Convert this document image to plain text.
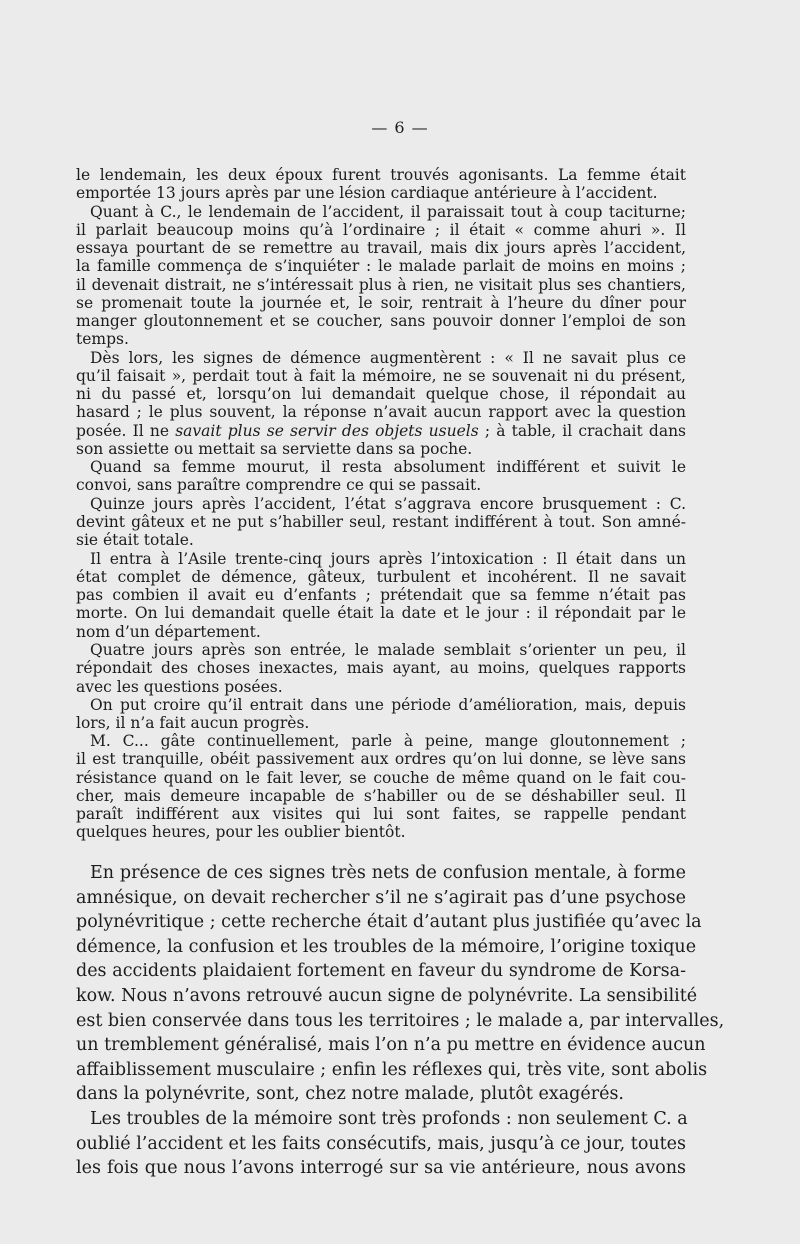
— 6 —
le lendemain, les deux époux furent trouvés agonisants. La femme était
emportée 13 jours après par une lésion cardiaque antérieure à l’accident.
Quant à C., le lendemain de l’accident, il paraissait tout à coup taciturne;
il parlait beaucoup moins qu’à l’ordinaire ; il était « comme ahuri ». Il
essaya pourtant de se remettre au travail, mais dix jours après l’accident,
la famille commença de s’inquiéter : le malade parlait de moins en moins ;
il devenait distrait, ne s’intéressait plus à rien, ne visitait plus ses chantiers,
se promenait toute la journée et, le soir, rentrait à l’heure du dîner pour
manger gloutonnement et se coucher, sans pouvoir donner l’emploi de son
temps.
Dès lors, les signes de démence augmentèrent : « Il ne savait plus ce
qu’il faisait », perdait tout à fait la mémoire, ne se souvenait ni du présent,
ni du passé et, lorsqu’on lui demandait quelque chose, il répondait au
hasard ; le plus souvent, la réponse n’avait aucun rapport avec la question
posée. Il ne savait plus se servir des objets usuels ; à table, il crachait dans
son assiette ou mettait sa serviette dans sa poche.
Quand sa femme mourut, il resta absolument indifférent et suivit le
convoi, sans paraître comprendre ce qui se passait.
Quinze jours après l’accident, l’état s’aggrava encore brusquement : C.
devint gâteux et ne put s’habiller seul, restant indifférent à tout. Son amné-
sie était totale.
Il entra à l’Asile trente-cinq jours après l’intoxication : Il était dans un
état complet de démence, gâteux, turbulent et incohérent. Il ne savait
pas combien il avait eu d’enfants ; prétendait que sa femme n’était pas
morte. On lui demandait quelle était la date et le jour : il répondait par le
nom d’un département.
Quatre jours après son entrée, le malade semblait s’orienter un peu, il
répondait des choses inexactes, mais ayant, au moins, quelques rapports
avec les questions posées.
On put croire qu’il entrait dans une période d’amélioration, mais, depuis
lors, il n’a fait aucun progrès.
M. C... gâte continuellement, parle à peine, mange gloutonnement ;
il est tranquille, obéit passivement aux ordres qu’on lui donne, se lève sans
résistance quand on le fait lever, se couche de même quand on le fait cou-
cher, mais demeure incapable de s’habiller ou de se déshabiller seul. Il
paraît indifférent aux visites qui lui sont faites, se rappelle pendant
quelques heures, pour les oublier bientôt.
En présence de ces signes très nets de confusion mentale, à forme
amnésique, on devait rechercher s’il ne s’agirait pas d’une psychose
polynévritique ; cette recherche était d’autant plus justifiée qu’avec la
démence, la confusion et les troubles de la mémoire, l’origine toxique
des accidents plaidaient fortement en faveur du syndrome de Korsa-
kow. Nous n’avons retrouvé aucun signe de polynévrite. La sensibilité
est bien conservée dans tous les territoires ; le malade a, par intervalles,
un tremblement généralisé, mais l’on n’a pu mettre en évidence aucun
affaiblissement musculaire ; enfin les réflexes qui, très vite, sont abolis
dans la polynévrite, sont, chez notre malade, plutôt exagérés.
Les troubles de la mémoire sont très profonds : non seulement C. a
oublié l’accident et les faits consécutifs, mais, jusqu’à ce jour, toutes
les fois que nous l’avons interrogé sur sa vie antérieure, nous avons
